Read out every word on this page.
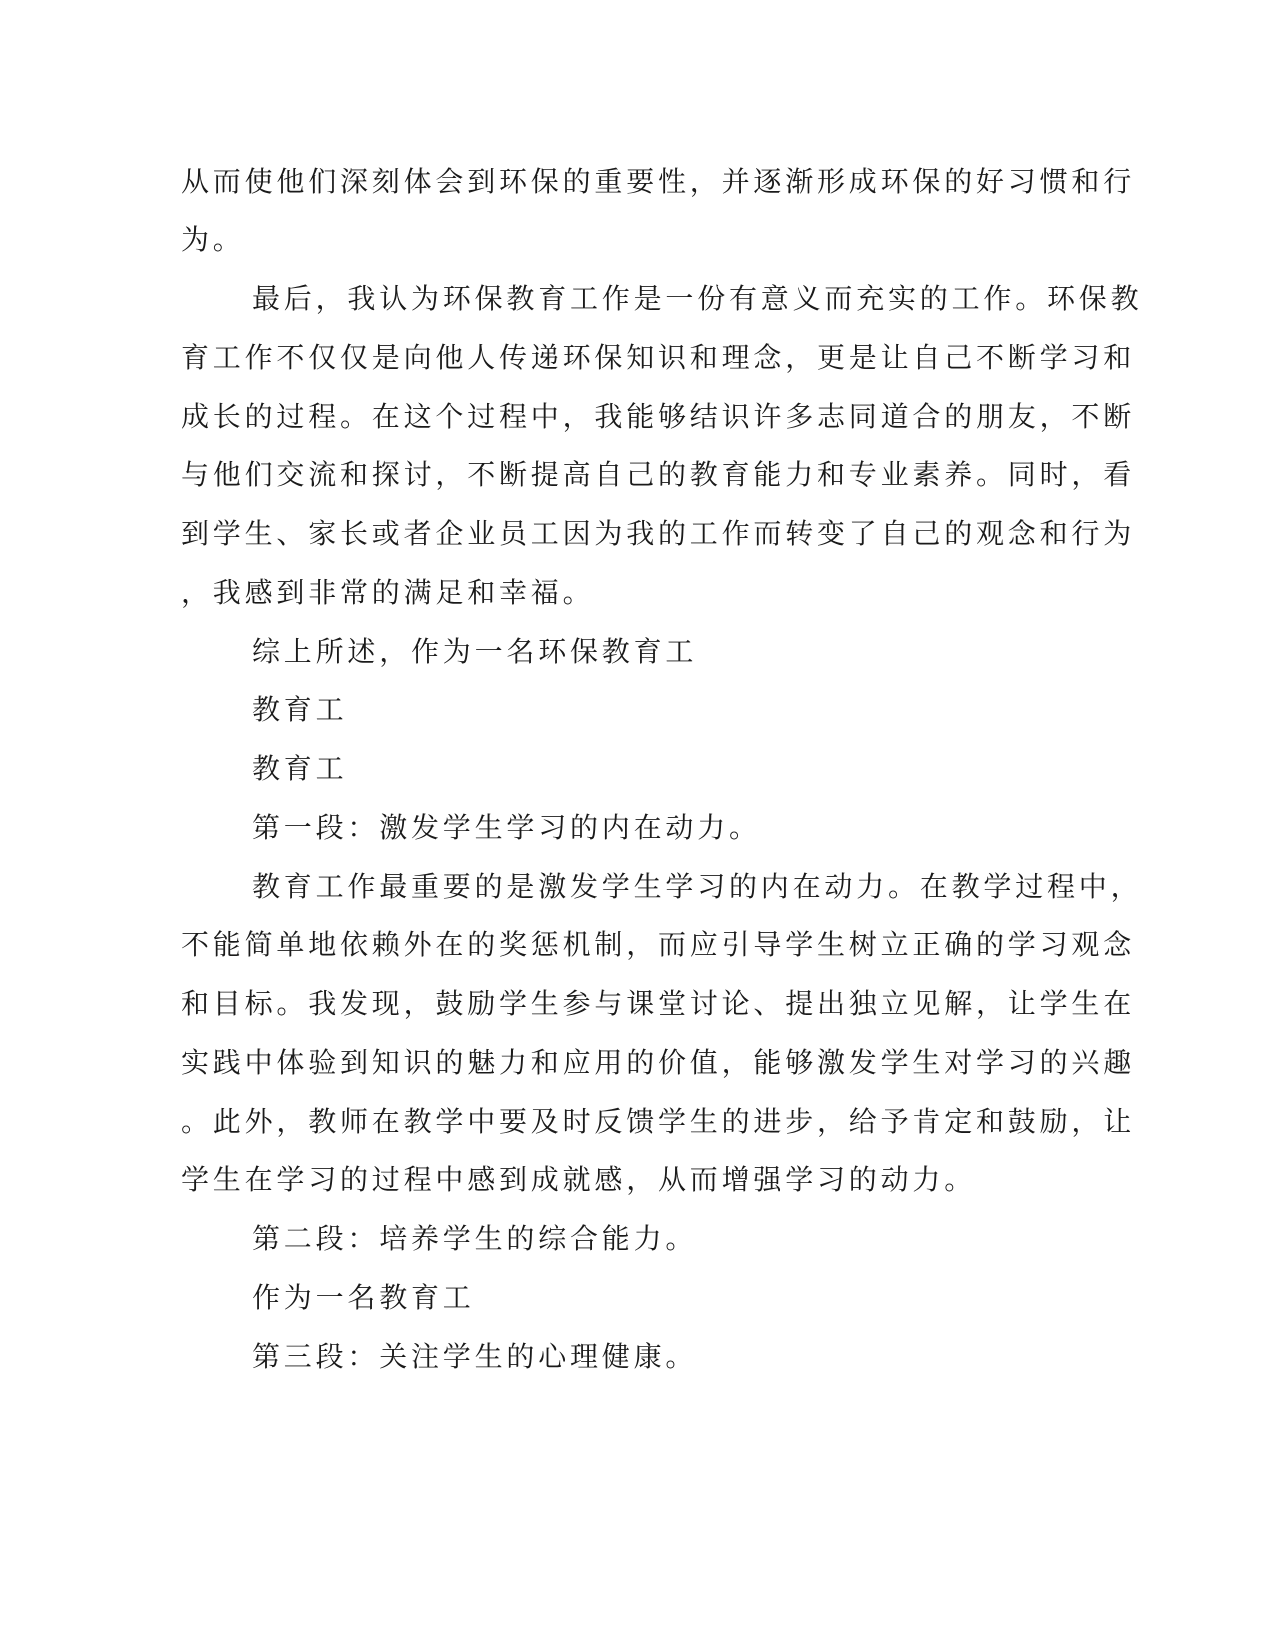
从而使他们深刻体会到环保的重要性，并逐渐形成环保的好习惯和行
为。
最后，我认为环保教育工作是一份有意义而充实的工作。环保教
育工作不仅仅是向他人传递环保知识和理念，更是让自己不断学习和
成长的过程。在这个过程中，我能够结识许多志同道合的朋友，不断
与他们交流和探讨，不断提高自己的教育能力和专业素养。同时，看
到学生、家长或者企业员工因为我的工作而转变了自己的观念和行为
，我感到非常的满足和幸福。
综上所述，作为一名环保教育工
教育工
教育工
第一段：激发学生学习的内在动力。
教育工作最重要的是激发学生学习的内在动力。在教学过程中，
不能简单地依赖外在的奖惩机制，而应引导学生树立正确的学习观念
和目标。我发现，鼓励学生参与课堂讨论、提出独立见解，让学生在
实践中体验到知识的魅力和应用的价值，能够激发学生对学习的兴趣
。此外，教师在教学中要及时反馈学生的进步，给予肯定和鼓励，让
学生在学习的过程中感到成就感，从而增强学习的动力。
第二段：培养学生的综合能力。
作为一名教育工
第三段：关注学生的心理健康。
